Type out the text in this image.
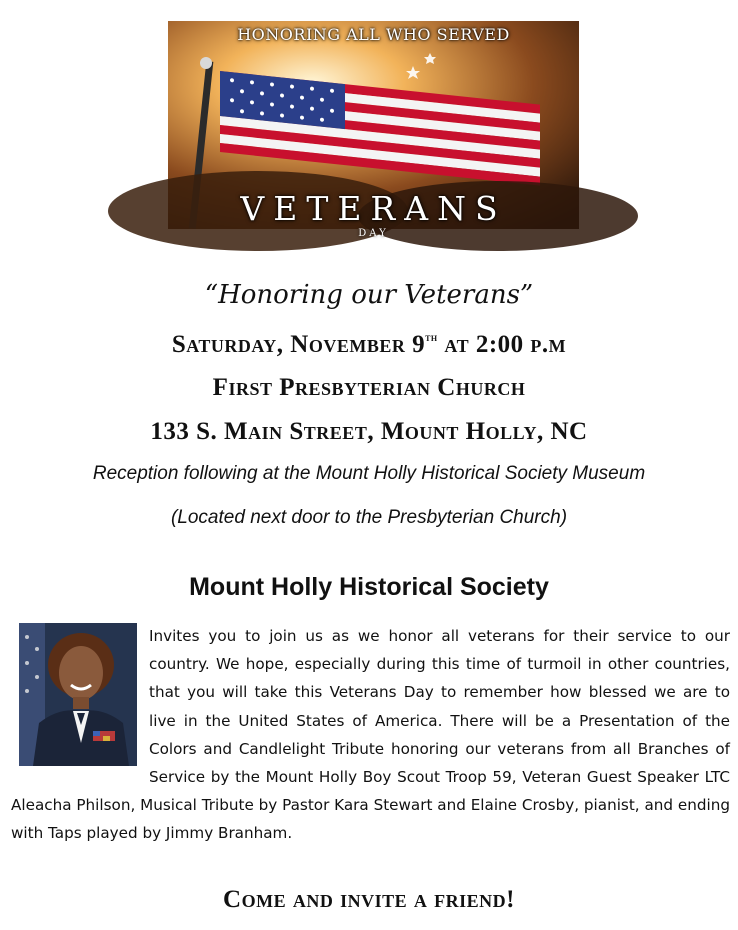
HONORING ALL WHO SERVED
VETERANS
DAY
“Honoring our Veterans”
Saturday, November 9th at 2:00 p.m
First Presbyterian Church
133 S. Main Street, Mount Holly, NC
Reception following at the Mount Holly Historical Society Museum
(Located next door to the Presbyterian Church)
Mount Holly Historical Society
Invites you to join us as we honor all veterans for their service to our country. We hope, especially during this time of turmoil in other countries, that you will take this Veterans Day to remember how blessed we are to live in the United States of America. There will be a Presentation of the Colors and Candlelight Tribute honoring our veterans from all Branches of Service by the Mount Holly Boy Scout Troop 59, Veteran Guest Speaker LTC Aleacha Philson, Musical Tribute by Pastor Kara Stewart and Elaine Crosby, pianist, and ending with Taps played by Jimmy Branham.
Come and invite a friend!
